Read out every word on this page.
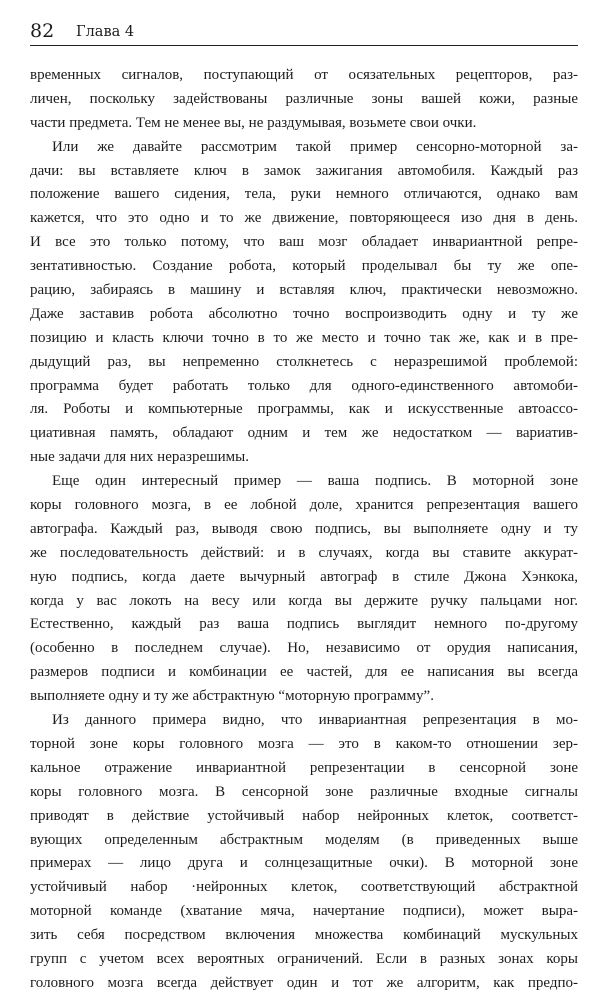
82 Глава 4
временных сигналов, поступающий от осязательных рецепторов, раз-
личен, поскольку задействованы различные зоны вашей кожи, разные
части предмета. Тем не менее вы, не раздумывая, возьмете свои очки.
Или же давайте рассмотрим такой пример сенсорно-моторной за-
дачи: вы вставляете ключ в замок зажигания автомобиля. Каждый раз
положение вашего сидения, тела, руки немного отличаются, однако вам
кажется, что это одно и то же движение, повторяющееся изо дня в день.
И все это только потому, что ваш мозг обладает инвариантной репре-
зентативностью. Создание робота, который проделывал бы ту же опе-
рацию, забираясь в машину и вставляя ключ, практически невозможно.
Даже заставив робота абсолютно точно воспроизводить одну и ту же
позицию и класть ключи точно в то же место и точно так же, как и в пре-
дыдущий раз, вы непременно столкнетесь с неразрешимой проблемой:
программа будет работать только для одного-единственного автомоби-
ля. Роботы и компьютерные программы, как и искусственные автоассо-
циативная память, обладают одним и тем же недостатком — вариатив-
ные задачи для них неразрешимы.
Еще один интересный пример — ваша подпись. В моторной зоне
коры головного мозга, в ее лобной доле, хранится репрезентация вашего
автографа. Каждый раз, выводя свою подпись, вы выполняете одну и ту
же последовательность действий: и в случаях, когда вы ставите аккурат-
ную подпись, когда даете вычурный автограф в стиле Джона Хэнкока,
когда у вас локоть на весу или когда вы держите ручку пальцами ног.
Естественно, каждый раз ваша подпись выглядит немного по-другому
(особенно в последнем случае). Но, независимо от орудия написания,
размеров подписи и комбинации ее частей, для ее написания вы всегда
выполняете одну и ту же абстрактную “моторную программу”.
Из данного примера видно, что инвариантная репрезентация в мо-
торной зоне коры головного мозга — это в каком-то отношении зер-
кальное отражение инвариантной репрезентации в сенсорной зоне
коры головного мозга. В сенсорной зоне различные входные сигналы
приводят в действие устойчивый набор нейронных клеток, соответст-
вующих определенным абстрактным моделям (в приведенных выше
примерах — лицо друга и солнцезащитные очки). В моторной зоне
устойчивый набор ·нейронных клеток, соответствующий абстрактной
моторной команде (хватание мяча, начертание подписи), может выра-
зить себя посредством включения множества комбинаций мускульных
групп с учетом всех вероятных ограничений. Если в разных зонах коры
головного мозга всегда действует один и тот же алгоритм, как предпо-
